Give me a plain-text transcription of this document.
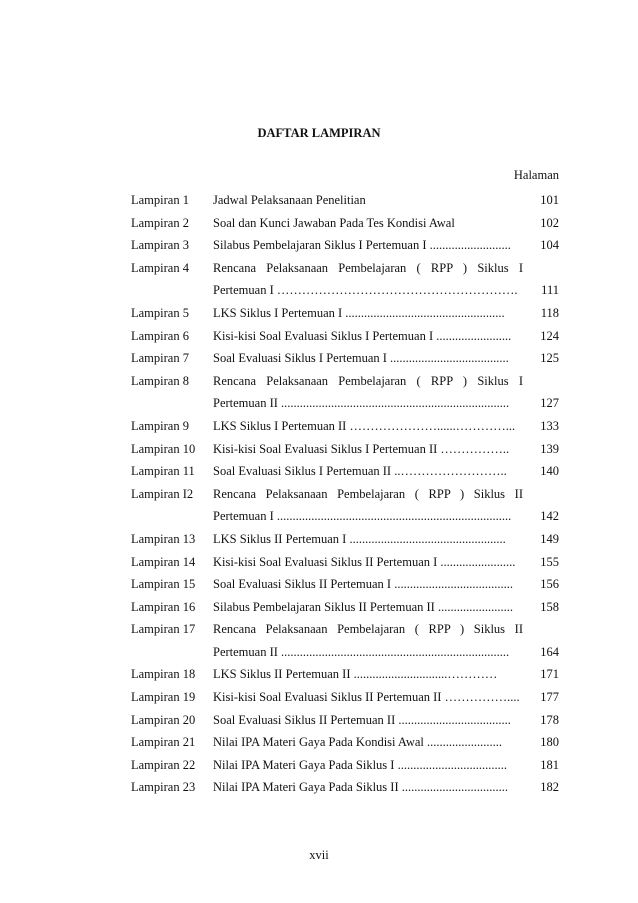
DAFTAR LAMPIRAN
Halaman
Lampiran 1	Jadwal Pelaksanaan Penelitian	101
Lampiran 2	Soal dan Kunci Jawaban Pada Tes Kondisi Awal	102
Lampiran 3	Silabus Pembelajaran Siklus I Pertemuan I ..........................	104
Lampiran 4	Rencana Pelaksanaan Pembelajaran ( RPP ) Siklus I
Pertemuan I ………………………………………………….	111
Lampiran 5	LKS Siklus I Pertemuan I ...................................................	118
Lampiran 6	Kisi-kisi Soal Evaluasi Siklus I Pertemuan I ........................	124
Lampiran 7	Soal Evaluasi Siklus I Pertemuan I ......................................	125
Lampiran 8	Rencana Pelaksanaan Pembelajaran ( RPP ) Siklus I
Pertemuan II .........................................................................	127
Lampiran 9	LKS Siklus I Pertemuan II …………………......…………...	133
Lampiran 10	Kisi-kisi Soal Evaluasi Siklus I Pertemuan II ……………..	139
Lampiran 11	Soal Evaluasi Siklus I Pertemuan II ..……………………..	140
Lampiran I2	Rencana Pelaksanaan Pembelajaran ( RPP ) Siklus II
Pertemuan I ...........................................................................	142
Lampiran 13	LKS Siklus II Pertemuan I ..................................................	149
Lampiran 14	Kisi-kisi Soal Evaluasi Siklus II Pertemuan I ........................	155
Lampiran 15	Soal Evaluasi Siklus II Pertemuan I ......................................	156
Lampiran 16	Silabus Pembelajaran Siklus II Pertemuan II ........................	158
Lampiran 17	Rencana Pelaksanaan Pembelajaran ( RPP ) Siklus II
Pertemuan II .........................................................................	164
Lampiran 18	LKS Siklus II Pertemuan II ..............................…………	171
Lampiran 19	Kisi-kisi Soal Evaluasi Siklus II Pertemuan II ……………....	177
Lampiran 20	Soal Evaluasi Siklus II Pertemuan II ....................................	178
Lampiran 21	Nilai IPA Materi Gaya Pada Kondisi Awal ........................	180
Lampiran 22	Nilai IPA Materi Gaya Pada Siklus I ...................................	181
Lampiran 23	Nilai IPA Materi Gaya Pada Siklus II ..................................	182
xvii
